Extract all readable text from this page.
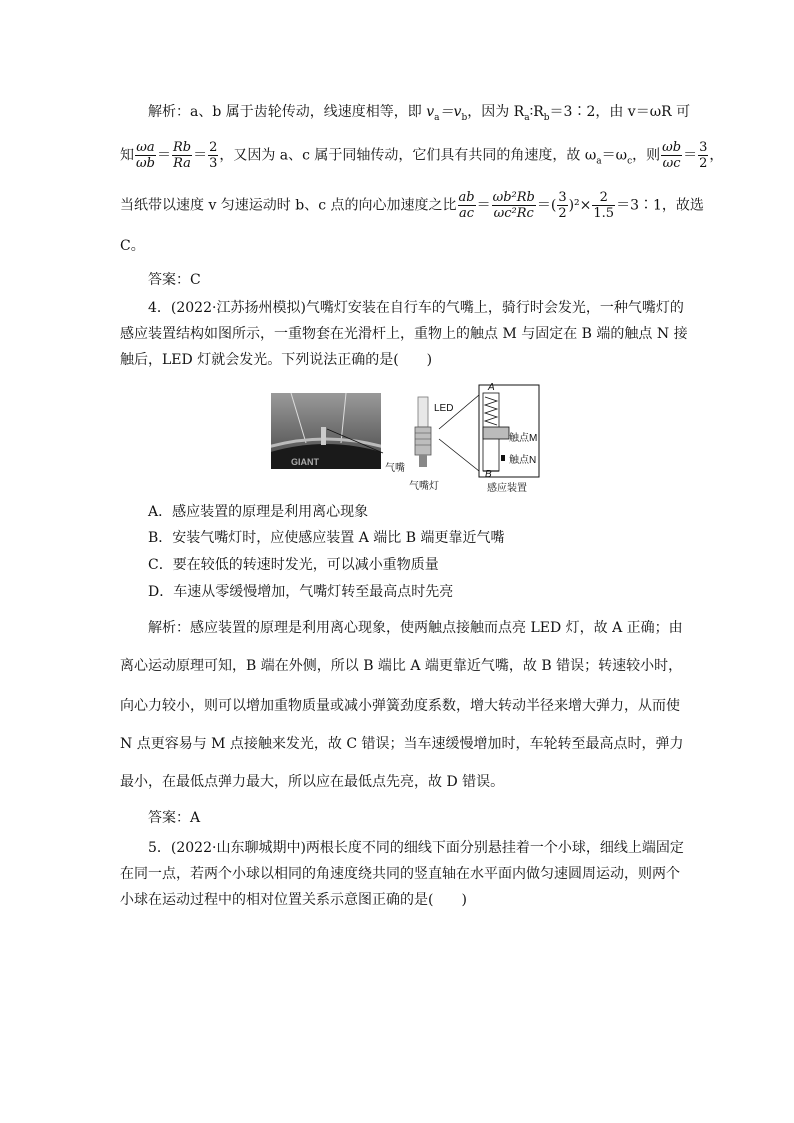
解析：a、b 属于齿轮传动，线速度相等，即 $v_a=v_b$，因为 $R_a∶R_b=3∶2$，由 v＝ωR 可
知 $\frac{\omega a}{\omega b} = \frac{Rb}{Ra} = \frac{2}{3}$ ，又因为 a、c 属于同轴传动，它们具有共同的角速度，故 $\omega_a=\omega_c$，则 $\frac{\omega b}{\omega c} = \frac{3}{2}$ ，
当纸带以速度 v 匀速运动时 b、c 点的向心加速度之比 $\frac{ab}{ac} = \frac{\text{ωb²Rb}}{\text{ωc²Rc}}$ ＝( $\frac{3}{2} )^2\times \frac{2}{1.5}$ ＝3∶1，故选
C。
答案：C
4．(2022·江苏扬州模拟)气嘴灯安装在自行车的气嘴上，骑行时会发光，一种气嘴灯的
感应装置结构如图所示，一重物套在光滑杆上，重物上的触点 M 与固定在 B 端的触点 N 接
触后，LED 灯就会发光。下列说法正确的是(　　)
GIANT
气嘴
LED
气嘴灯
A
触点M
触点N
B
感应装置
A．感应装置的原理是利用离心现象
B．安装气嘴灯时，应使感应装置 A 端比 B 端更靠近气嘴
C．要在较低的转速时发光，可以减小重物质量
D．车速从零缓慢增加，气嘴灯转至最高点时先亮
解析：感应装置的原理是利用离心现象，使两触点接触而点亮 LED 灯，故 A 正确；由
离心运动原理可知，B 端在外侧，所以 B 端比 A 端更靠近气嘴，故 B 错误；转速较小时，
向心力较小，则可以增加重物质量或减小弹簧劲度系数，增大转动半径来增大弹力，从而使
N 点更容易与 M 点接触来发光，故 C 错误；当车速缓慢增加时，车轮转至最高点时，弹力
最小，在最低点弹力最大，所以应在最低点先亮，故 D 错误。
答案：A
5．(2022·山东聊城期中)两根长度不同的细线下面分别悬挂着一个小球，细线上端固定
在同一点，若两个小球以相同的角速度绕共同的竖直轴在水平面内做匀速圆周运动，则两个
小球在运动过程中的相对位置关系示意图正确的是(　　)
